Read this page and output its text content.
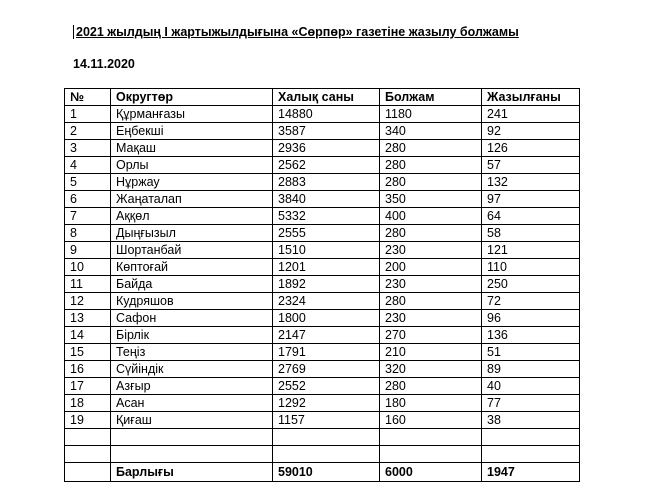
2021 жылдың I жартыжылдығына «Сөрпөр» газетіне жазылу болжамы
14.11.2020
№	Округтөр	Халық саны	Болжам	Жазылғаны
1	Құрманғазы	14880	1180	241
2	Еңбекші	3587	340	92
3	Мақаш	2936	280	126
4	Орлы	2562	280	57
5	Нұржау	2883	280	132
6	Жаңаталап	3840	350	97
7	Аққөл	5332	400	64
8	Дыңғызыл	2555	280	58
9	Шортанбай	1510	230	121
10	Көптоғай	1201	200	110
11	Байда	1892	230	250
12	Кудряшов	2324	280	72
13	Сафон	1800	230	96
14	Бірлік	2147	270	136
15	Теңіз	1791	210	51
16	Сүйіндік	2769	320	89
17	Азғыр	2552	280	40
18	Асан	1292	180	77
19	Қиғаш	1157	160	38

	Барлығы	59010	6000	1947
